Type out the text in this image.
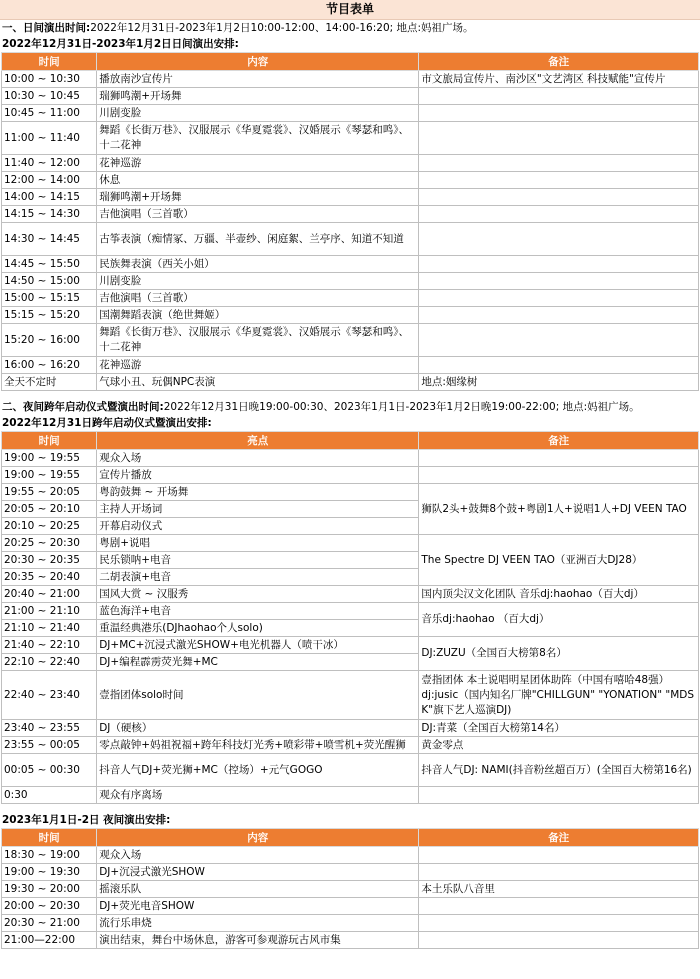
节目表单
一、日间演出时间:2022年12月31日-2023年1月2日10:00-12:00、14:00-16:20; 地点:妈祖广场。
2022年12月31日-2023年1月2日日间演出安排:
时间	内容	备注
10:00 ~ 10:30	播放南沙宣传片	市文旅局宣传片、南沙区"文艺湾区 科技赋能"宣传片
10:30 ~ 10:45	瑞狮鸣潮+开场舞	
10:45 ~ 11:00	川剧变脸	
11:00 ~ 11:40	舞蹈《长街万巷》、汉服展示《华夏霓裳》、汉婚展示《琴瑟和鸣》、十二花神	
11:40 ~ 12:00	花神巡游	
12:00 ~ 14:00	休息	
14:00 ~ 14:15	瑞狮鸣潮+开场舞	
14:15 ~ 14:30	吉他演唱（三首歌）	
14:30 ~ 14:45	古筝表演（痴情冢、万疆、半壶纱、闲庭絮、兰亭序、知道不知道	
14:45 ~ 15:50	民族舞表演（西关小姐）	
14:50 ~ 15:00	川剧变脸	
15:00 ~ 15:15	吉他演唱（三首歌）	
15:15 ~ 15:20	国潮舞蹈表演（绝世舞姬）	
15:20 ~ 16:00	舞蹈《长街万巷》、汉服展示《华夏霓裳》、汉婚展示《琴瑟和鸣》、十二花神	
16:00 ~ 16:20	花神巡游	
全天不定时	气球小丑、玩偶NPC表演	地点:姻缘树
二、夜间跨年启动仪式暨演出时间:2022年12月31日晚19:00-00:30、2023年1月1日-2023年1月2日晚19:00-22:00; 地点:妈祖广场。
2022年12月31日跨年启动仪式暨演出安排:
时间	亮点	备注
19:00 ~ 19:55	观众入场	
19:00 ~ 19:55	宣传片播放	
19:55 ~ 20:05	粤韵鼓舞 ~ 开场舞	狮队2头+鼓舞8个鼓+粤剧1人+说唱1人+DJ VEEN TAO
20:05 ~ 20:10	主持人开场词	
20:10 ~ 20:25	开幕启动仪式	
20:25 ~ 20:30	粤剧+说唱	The Spectre DJ VEEN TAO（亚洲百大DJ28）
20:30 ~ 20:35	民乐锁呐+电音	
20:35 ~ 20:40	二胡表演+电音	
20:40 ~ 21:00	国风大赏 ~ 汉服秀	国内顶尖汉文化团队 音乐dj:haohao（百大dj）
21:00 ~ 21:10	蓝色海洋+电音	音乐dj:haohao （百大dj）
21:10 ~ 21:40	重温经典港乐(DJhaohao个人solo)	
21:40 ~ 22:10	DJ+MC+沉浸式激光SHOW+电光机器人（喷干冰）	DJ:ZUZU（全国百大榜第8名）
22:10 ~ 22:40	DJ+编程霹雳荧光舞+MC	
22:40 ~ 23:40	壹指团体solo时间	壹指团体 本土说唱明星团体助阵（中国有嘻哈48强）
dj:jusic（国内知名厂牌"CHILLGUN" "YONATION" "MDSK"旗下艺人巡演DJ)

23:40 ~ 23:55	DJ（硬核）	DJ:青菜（全国百大榜第14名）
23:55 ~ 00:05	零点敲钟+妈祖祝福+跨年科技灯光秀+喷彩带+喷雪机+荧光醒狮	黄金零点
00:05 ~ 00:30	抖音人气DJ+荧光狮+MC（控场）+元气GOGO	抖音人气DJ: NAMI(抖音粉丝超百万）(全国百大榜第16名)
0:30	观众有序离场	
2023年1月1日-2日 夜间演出安排:
时间	内容	备注
18:30 ~ 19:00	观众入场	
19:00 ~ 19:30	DJ+沉浸式激光SHOW	
19:30 ~ 20:00	摇滚乐队	本土乐队八音里
20:00 ~ 20:30	DJ+荧光电音SHOW	
20:30 ~ 21:00	流行乐串烧	
21:00—22:00	演出结束，舞台中场休息，游客可参观游玩古风市集	
